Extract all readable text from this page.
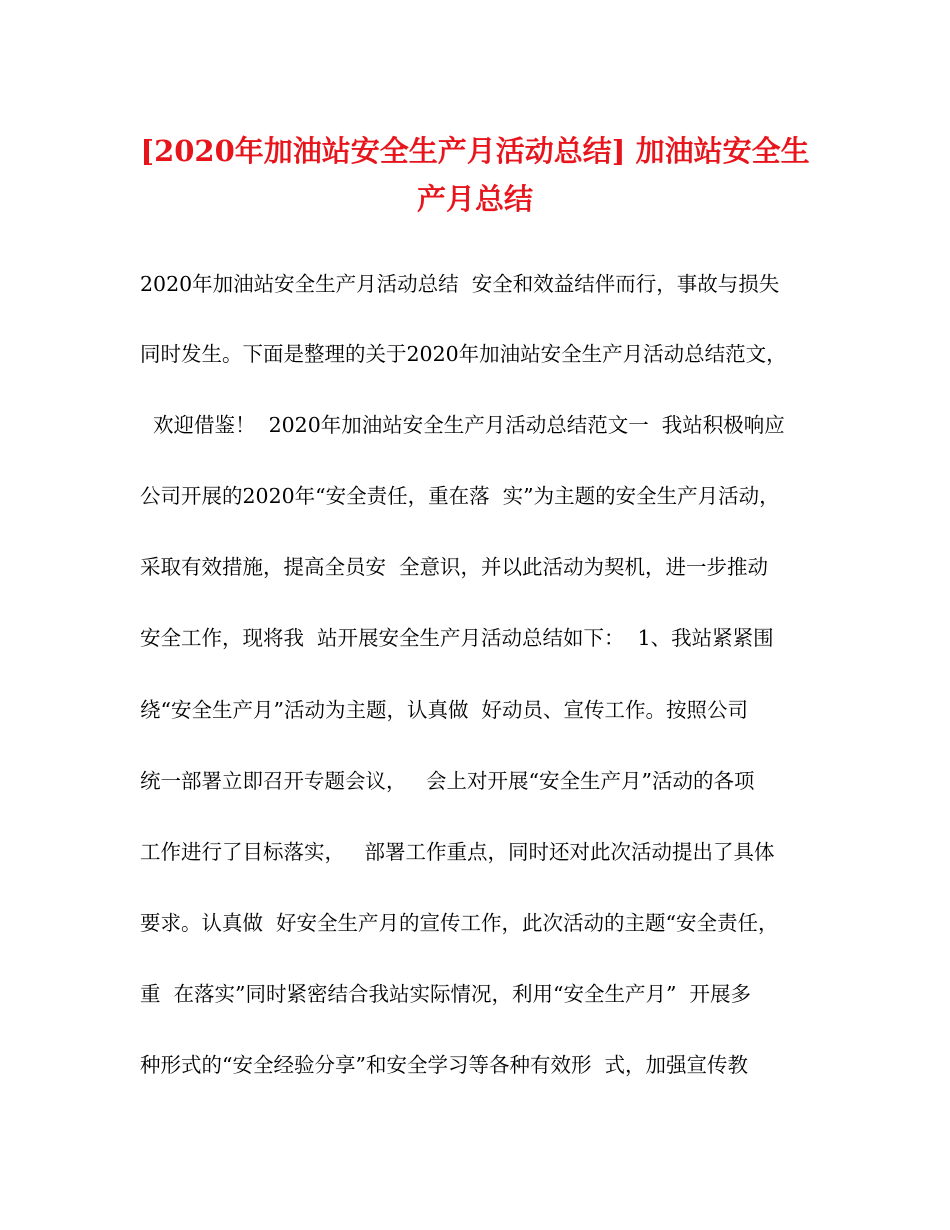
[2020年加油站安全生产月活动总结] 加油站安全生
产月总结
2020年加油站安全生产月活动总结  安全和效益结伴而行，事故与损失
同时发生。下面是整理的关于2020年加油站安全生产月活动总结范文，
欢迎借鉴！  2020年加油站安全生产月活动总结范文一  我站积极响应
公司开展的2020年“安全责任，重在落  实”为主题的安全生产月活动，
采取有效措施，提高全员安  全意识，并以此活动为契机，进一步推动
安全工作，现将我  站开展安全生产月活动总结如下：  1、我站紧紧围
绕“安全生产月”活动为主题，认真做  好动员、宣传工作。按照公司
统一部署立即召开专题会议，   会上对开展“安全生产月”活动的各项
工作进行了目标落实，   部署工作重点，同时还对此次活动提出了具体
要求。认真做  好安全生产月的宣传工作，此次活动的主题“安全责任，
重  在落实”同时紧密结合我站实际情况，利用“安全生产月”  开展多
种形式的“安全经验分享”和安全学习等各种有效形  式，加强宣传教
